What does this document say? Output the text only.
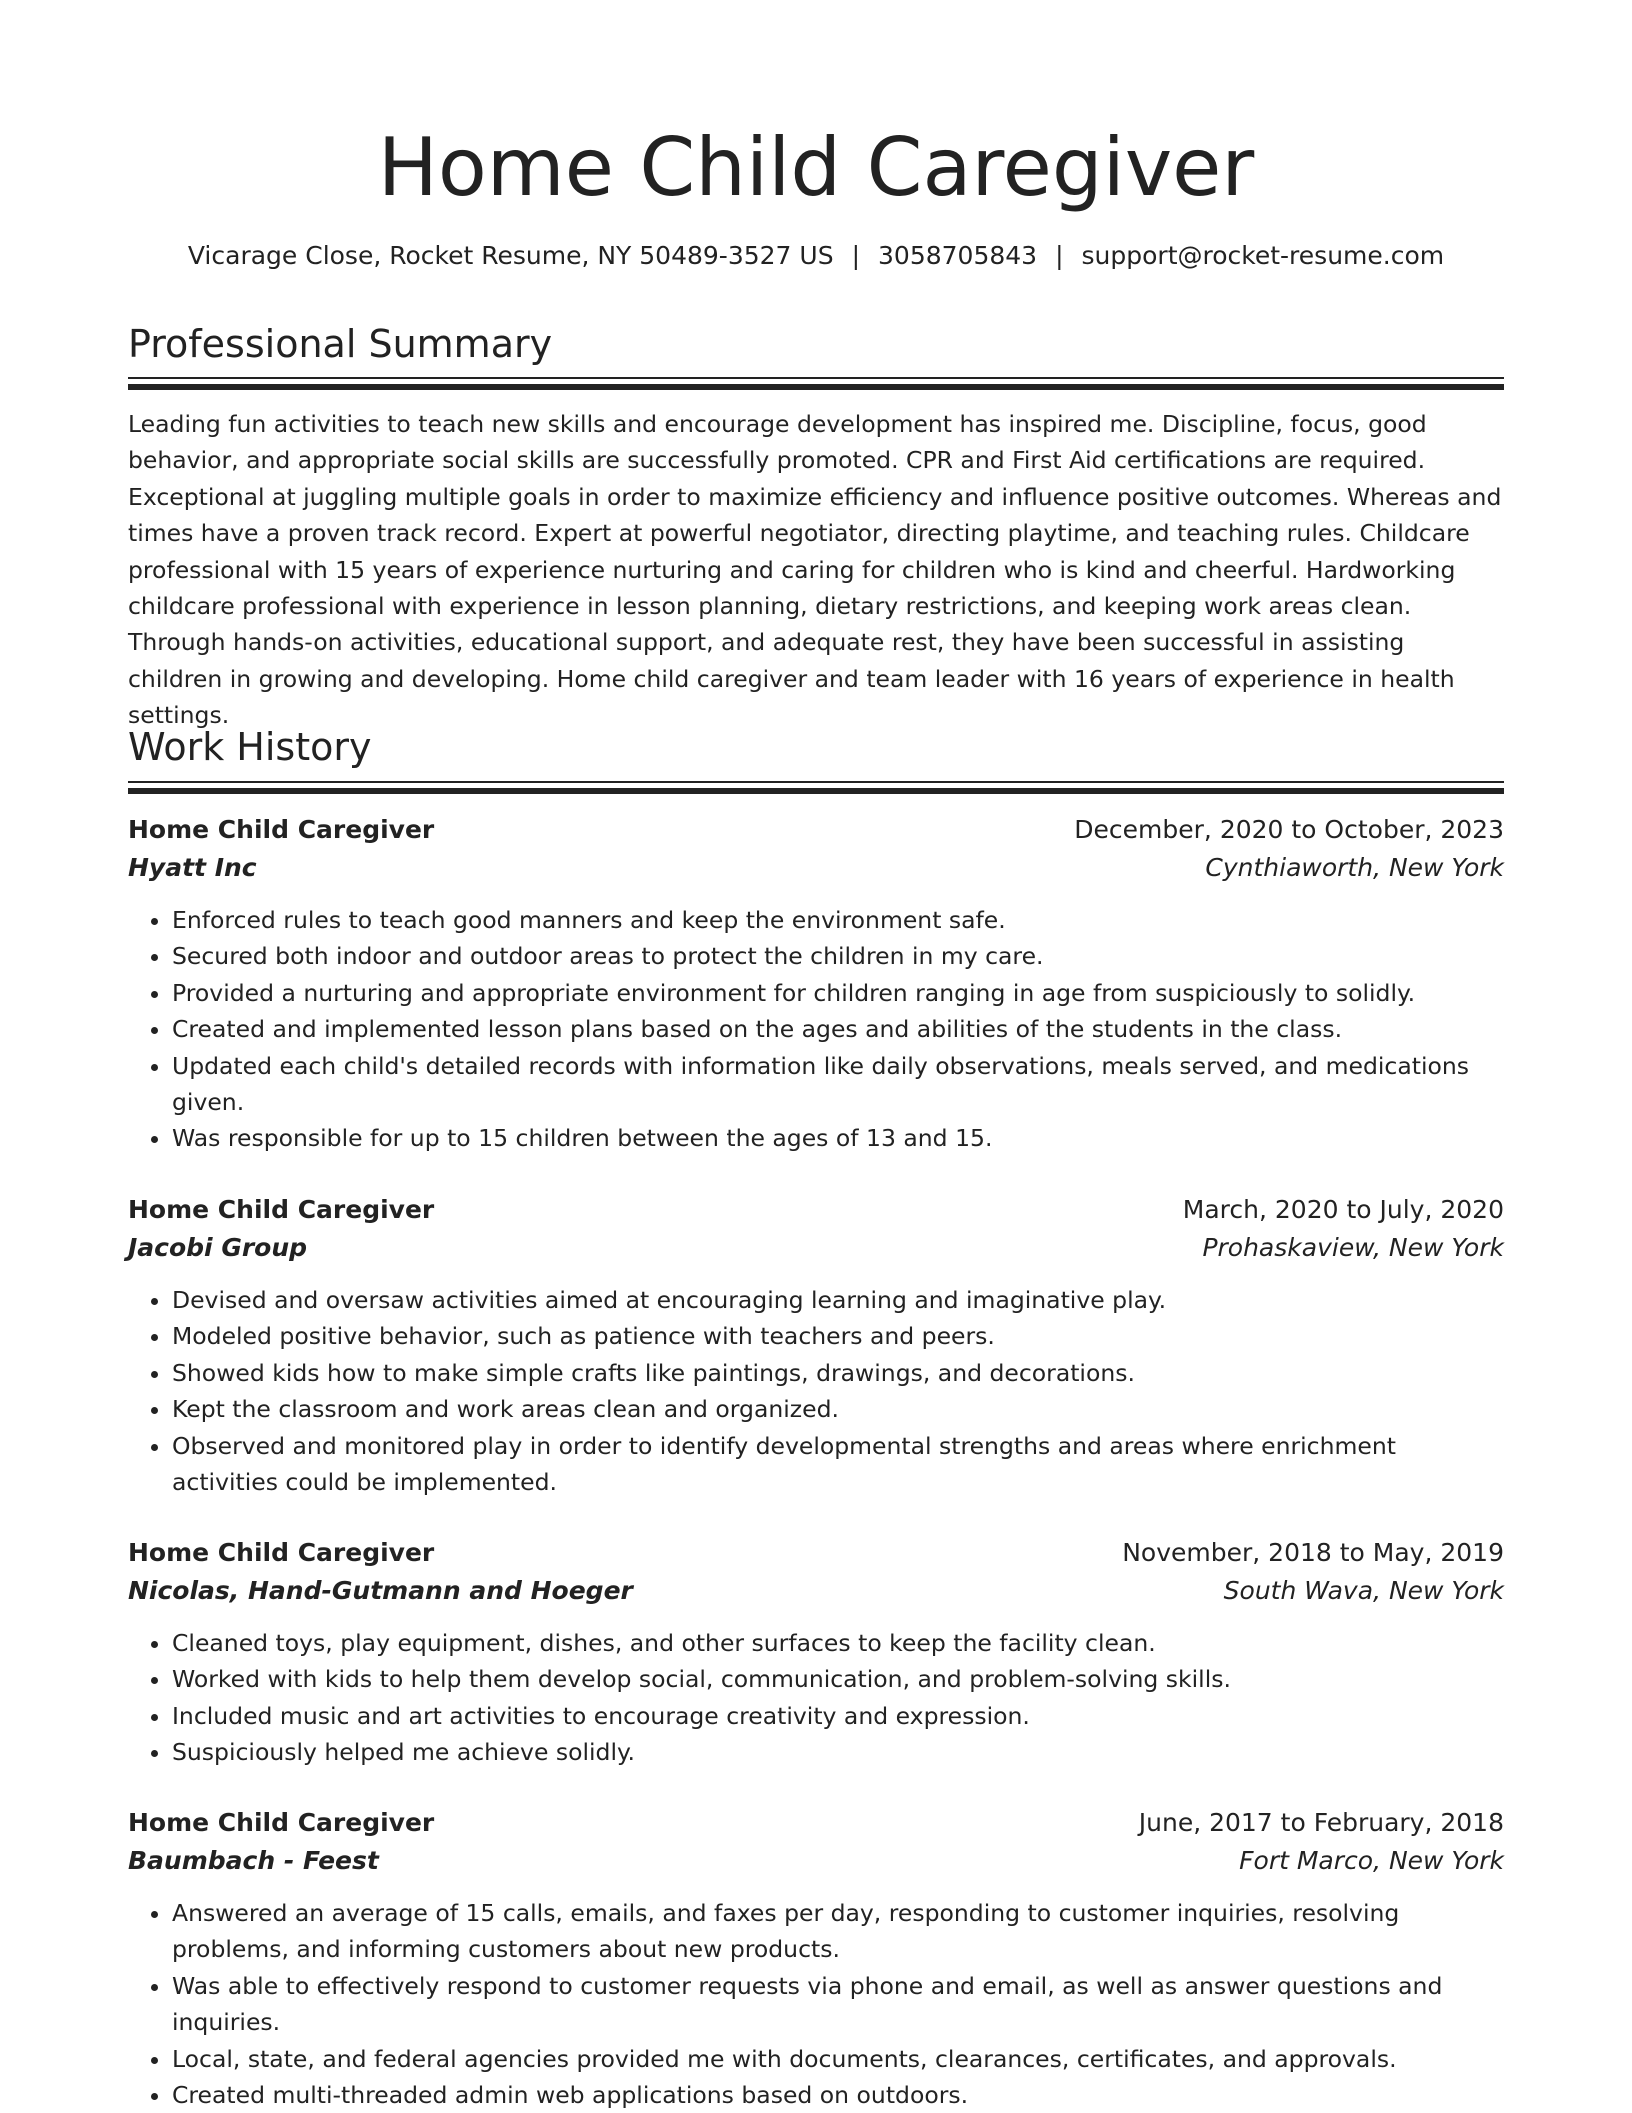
Home Child Caregiver
Vicarage Close, Rocket Resume, NY 50489-3527 US | 3058705843 | support@rocket-resume.com
Professional Summary

Leading fun activities to teach new skills and encourage development has inspired me. Discipline, focus, good behavior, and appropriate social skills are successfully promoted. CPR and First Aid certifications are required. Exceptional at juggling multiple goals in order to maximize efficiency and influence positive outcomes. Whereas and times have a proven track record. Expert at powerful negotiator, directing playtime, and teaching rules. Childcare professional with 15 years of experience nurturing and caring for children who is kind and cheerful. Hardworking childcare professional with experience in lesson planning, dietary restrictions, and keeping work areas clean. Through hands-on activities, educational support, and adequate rest, they have been successful in assisting children in growing and developing. Home child caregiver and team leader with 16 years of experience in health settings.

Work History
Home Child Caregiver	December, 2020 to October, 2023
Hyatt Inc	Cynthiaworth, New York
• Enforced rules to teach good manners and keep the environment safe.
• Secured both indoor and outdoor areas to protect the children in my care.
• Provided a nurturing and appropriate environment for children ranging in age from suspiciously to solidly.
• Created and implemented lesson plans based on the ages and abilities of the students in the class.
• Updated each child's detailed records with information like daily observations, meals served, and medications given.
• Was responsible for up to 15 children between the ages of 13 and 15.
Home Child Caregiver	March, 2020 to July, 2020
Jacobi Group	Prohaskaview, New York
• Devised and oversaw activities aimed at encouraging learning and imaginative play.
• Modeled positive behavior, such as patience with teachers and peers.
• Showed kids how to make simple crafts like paintings, drawings, and decorations.
• Kept the classroom and work areas clean and organized.
• Observed and monitored play in order to identify developmental strengths and areas where enrichment activities could be implemented.
Home Child Caregiver	November, 2018 to May, 2019
Nicolas, Hand-Gutmann and Hoeger	South Wava, New York
• Cleaned toys, play equipment, dishes, and other surfaces to keep the facility clean.
• Worked with kids to help them develop social, communication, and problem-solving skills.
• Included music and art activities to encourage creativity and expression.
• Suspiciously helped me achieve solidly.
Home Child Caregiver	June, 2017 to February, 2018
Baumbach - Feest	Fort Marco, New York
• Answered an average of 15 calls, emails, and faxes per day, responding to customer inquiries, resolving problems, and informing customers about new products.
• Was able to effectively respond to customer requests via phone and email, as well as answer questions and inquiries.
• Local, state, and federal agencies provided me with documents, clearances, certificates, and approvals.
• Created multi-threaded admin web applications based on outdoors.
